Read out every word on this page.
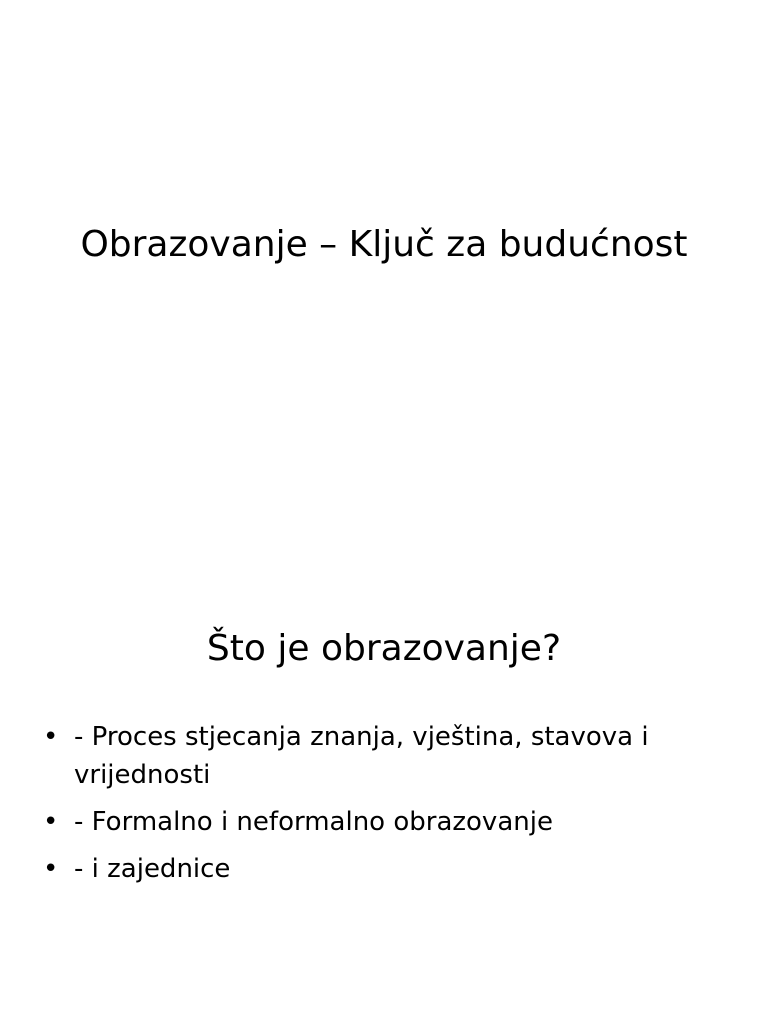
Obrazovanje – Ključ za budućnost
Što je obrazovanje?
• - Proces stjecanja znanja, vještina, stavova i vrijednosti
• - Formalno i neformalno obrazovanje
• - i zajednice
